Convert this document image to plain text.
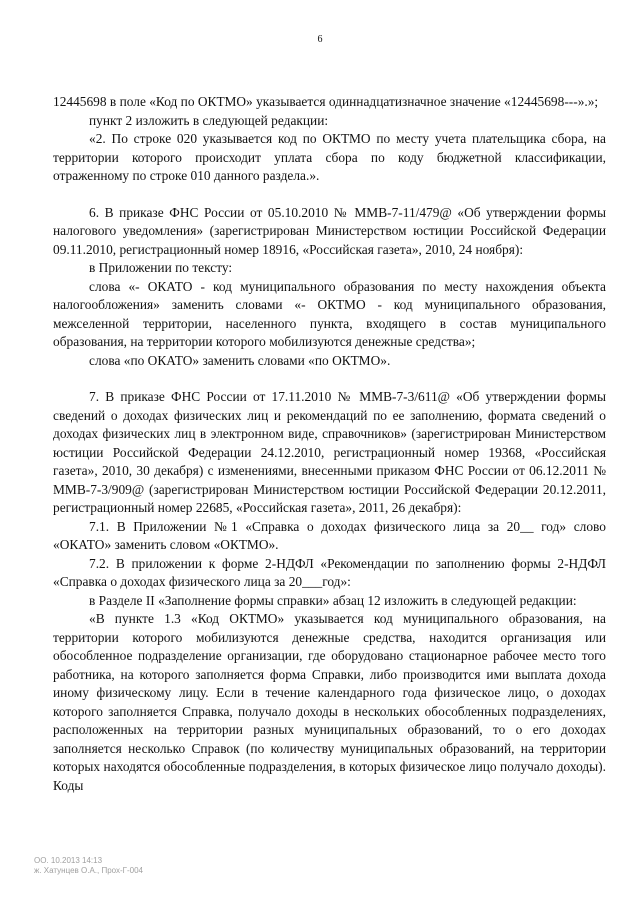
6

12445698 в поле «Код по ОКТМО» указывается одиннадцатизначное значение «12445698---».»;

пункт 2 изложить в следующей редакции:

«2. По строке 020 указывается код по ОКТМО по месту учета плательщика сбора, на территории которого происходит уплата сбора по коду бюджетной классификации, отраженному по строке 010 данного раздела.».

6. В приказе ФНС России от 05.10.2010 № ММВ-7-11/479@ «Об утверждении формы налогового уведомления» (зарегистрирован Министерством юстиции Российской Федерации 09.11.2010, регистрационный номер 18916, «Российская газета», 2010, 24 ноября):

в Приложении по тексту:

слова «- ОКАТО - код муниципального образования по месту нахождения объекта налогообложения» заменить словами «- ОКТМО - код муниципального образования, межселенной территории, населенного пункта, входящего в состав муниципального образования, на территории которого мобилизуются денежные средства»;

слова «по ОКАТО» заменить словами «по ОКТМО».

7. В приказе ФНС России от 17.11.2010 № ММВ-7-3/611@ «Об утверждении формы сведений о доходах физических лиц и рекомендаций по ее заполнению, формата сведений о доходах физических лиц в электронном виде, справочников» (зарегистрирован Министерством юстиции Российской Федерации 24.12.2010, регистрационный номер 19368, «Российская газета», 2010, 30 декабря) с изменениями, внесенными приказом ФНС России от 06.12.2011 № ММВ-7-3/909@ (зарегистрирован Министерством юстиции Российской Федерации 20.12.2011, регистрационный номер 22685, «Российская газета», 2011, 26 декабря):

7.1. В Приложении №1 «Справка о доходах физического лица за 20__ год» слово «ОКАТО» заменить словом «ОКТМО».

7.2. В приложении к форме 2-НДФЛ «Рекомендации по заполнению формы 2-НДФЛ «Справка о доходах физического лица за 20___год»:

в Разделе II «Заполнение формы справки» абзац 12 изложить в следующей редакции:

«В пункте 1.3 «Код ОКТМО» указывается код муниципального образования, на территории которого мобилизуются денежные средства, находится организация или обособленное подразделение организации, где оборудовано стационарное рабочее место того работника, на которого заполняется форма Справки, либо производится ими выплата дохода иному физическому лицу. Если в течение календарного года физическое лицо, о доходах которого заполняется Справка, получало доходы в нескольких обособленных подразделениях, расположенных на территории разных муниципальных образований, то о его доходах заполняется несколько Справок (по количеству муниципальных образований, на территории которых находятся обособленные подразделения, в которых физическое лицо получало доходы). Коды

ОО. 10.2013 14:13
ж. Хатунцев О.А., Прох-Г-004
